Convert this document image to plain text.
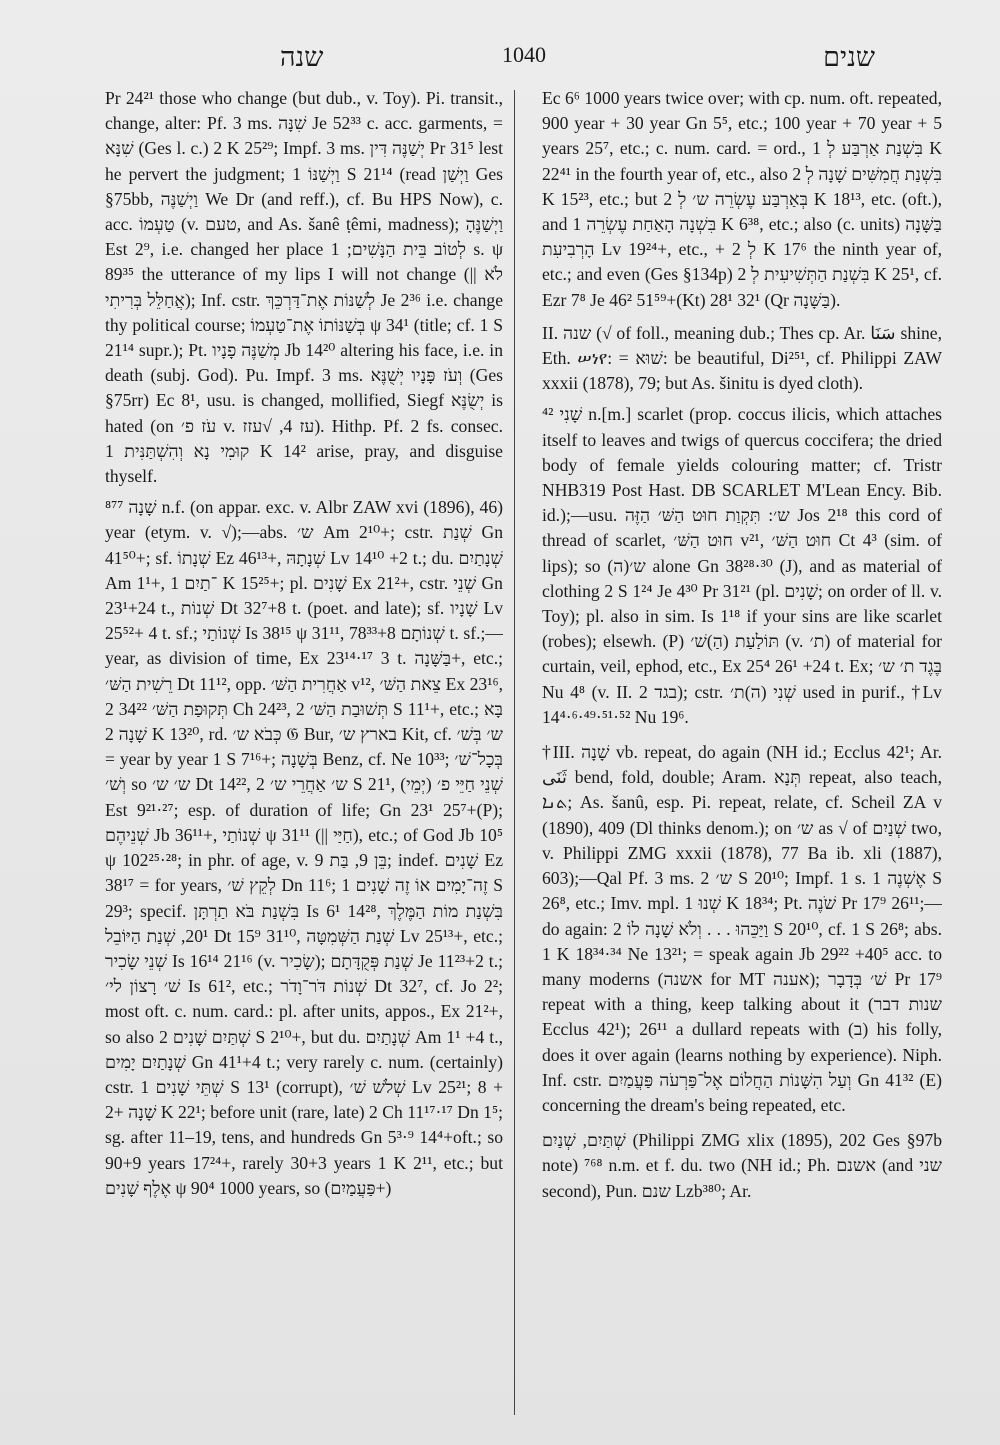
שנה	1040	שנים

Pr 24²¹ those who change (but dub., v. Toy). Pi. transit., change, alter: Pf. 3 ms. שִׁנָּה Je 52³³ c. acc. garments, = שִׁנָּא (Ges l. c.) 2 K 25²⁹; Impf. 3 ms. יְשַׁנֶּה דִּין Pr 31⁵ lest he pervert the judgment; וַיְשַׁנּוֹ 1 S 21¹⁴ (read וַיְשַׁן Ges §75bb, וַיְשַׁנֶּה We Dr (and reff.), cf. Bu HPS Now), c. acc. טַעְמוֹ (v. טעם, and As. šanê ṭêmi, madness); וַיְשַׁנֶּהָ Est 2⁹, i.e. changed her place לְטוֹב בֵּית הַנָּשִׁים; 1 s. ψ 89³⁵ the utterance of my lips I will not change (|| לֹא אֲחַלֵּל בְּרִיתִי); Inf. cstr. לְשַׁנּוֹת אֶת־דַּרְכֵּךְ Je 2³⁶ i.e. change thy political course; בְּשַׁנּוֹתוֹ אֶת־טַעְמוֹ ψ 34¹ (title; cf. 1 S 21¹⁴ supr.); Pt. מְשַׁנֶּה פָנָיו Jb 14²⁰ altering his face, i.e. in death (subj. God). Pu. Impf. 3 ms. וְעֹז פָּנָיו יְשֻׁנֶּא (Ges §75rr) Ec 8¹, usu. is changed, mollified, Siegf יְשֻׂנֶּא is hated (on עֹז פ׳ v. עז 4, √עזז). Hithp. Pf. 2 fs. consec. קוּמִי נָא וְהִשְׁתַּנִּית 1 K 14² arise, pray, and disguise thyself.

שָׁנָה ⁸⁷⁷ n.f. (on appar. exc. v. Albr ZAW xvi (1896), 46) year (etym. v. √);—abs. ש׳ Am 2¹⁰+; cstr. שְׁנַת Gn 41⁵⁰+; sf. שְׁנָתוֹ Ez 46¹³+, שְׁנָתָהּ Lv 14¹⁰ +2 t.; du. שְׁנָתַיִם Am 1¹+, ־תַיִם 1 K 15²⁵+; pl. שָׁנִים Ex 21²+, cstr. שְׁנֵי Gn 23¹+24 t., שְׁנוֹת Dt 32⁷+8 t. (poet. and late); sf. שָׁנָיו Lv 25⁵²+ 4 t. sf.; שְׁנוֹתַי Is 38¹⁵ ψ 31¹¹, שְׁנוֹתָם 78³³+8 t. sf.;—year, as division of time, Ex 23¹⁴·¹⁷ 3 t. בַּשָּׁנָה+, etc.; רֵשִׁית הַשּׁ׳ Dt 11¹², opp. אַחֲרִית הַשּׁ׳ v¹², צֵאת הַשּׁ׳ Ex 23¹⁶, תְּקוּפַת הַשּׁ׳ 34²² 2 Ch 24²³, תְּשׁוּבַת הַשּׁ׳ 2 S 11¹+, etc.; בָּא שָׁנָה 2 K 13²⁰, rd. כְּבֹא ש׳ 𝔊 Bur, בארץ ש׳ Kit, cf. ש׳ בְּשׁ׳ = year by year 1 S 7¹⁶+; בְּשָׁנָה Benz, cf. Ne 10³³; בְּכָל־שׁ׳ וְשׁ׳ so ש׳ ש׳ Dt 14²², ש׳ אַחֲרֵי ש׳ 2 S 21¹, (יְמֵי) שְׁנֵי חַיֵּי פ׳ Est 9²¹·²⁷; esp. of duration of life; Gn 23¹ 25⁷+(P); שְׁנֵיהֶם Jb 36¹¹+, שְׁנוֹתַי ψ 31¹¹ (|| חַיַּי), etc.; of God Jb 10⁵ ψ 102²⁵·²⁸; in phr. of age, v. בֵּן 9, בַּת 9; indef. שָׁנִים Ez 38¹⁷ = for years, לְקֵץ שׁ׳ Dn 11⁶; זֶה־יָמִים אוֹ זֶה שָׁנִים 1 S 29³; specif. בִּשְׁנַת בֹּא תַרְתָּן Is 6¹ 14²⁸, בִּשְׁנַת מוֹת הַמֶּלֶךְ 20¹, שְׁנַת הַיּוֹבֵל Dt 15⁹ 31¹⁰, שְׁנַת הַשְּׁמִטָּה Lv 25¹³+, etc.; שְׁנֵי שָׂכִיר Is 16¹⁴ 21¹⁶ (v. שָׂכִיר); שְׁנַת פְּקֻדָּתָם Je 11²³+2 t.; שׁ׳ רָצוֹן לי׳ Is 61², etc.; שְׁנוֹת דֹּר־וָדֹר Dt 32⁷, cf. Jo 2²; most oft. c. num. card.: pl. after units, appos., Ex 21²+, so also שְׁתַּיִם שָׁנִים 2 S 2¹⁰+, but du. שְׁנָתַיִם Am 1¹ +4 t., שְׁנָתַיִם יָמִים Gn 41¹+4 t.; very rarely c. num. (certainly) cstr. שְׁתֵּי שָׁנִים 1 S 13¹ (corrupt), שְׁלֹשׁ שׁ׳ Lv 25²¹; 8 + שָׁנָה +2 K 22¹; before unit (rare, late) 2 Ch 11¹⁷·¹⁷ Dn 1⁵; sg. after 11–19, tens, and hundreds Gn 5³·⁹ 14⁴+oft.; so 90+9 years 17²⁴+, rarely 30+3 years 1 K 2¹¹, etc.; but אֶלֶף שָׁנִים ψ 90⁴ 1000 years, so (פַּעֲמַיִם+)

Ec 6⁶ 1000 years twice over; with cp. num. oft. repeated, 900 year + 30 year Gn 5⁵, etc.; 100 year + 70 year + 5 years 25⁷, etc.; c. num. card. = ord., בִּשְׁנַת אַרְבַּע לְ 1 K 22⁴¹ in the fourth year of, etc., also בִּשְׁנַת חֲמִשִּׁים שָׁנָה לְ 2 K 15²³, etc.; but בְּאַרְבַּע עֶשְׂרֵה ש׳ לְ 2 K 18¹³, etc. (oft.), and בִּשְׁנָה הָאַחַת עֶשְׂרֵה 1 K 6³⁸, etc.; also (c. units) בַּשָּׁנָה הָרְבִיעִת Lv 19²⁴+, etc., + לְ 2 K 17⁶ the ninth year of, etc.; and even (Ges §134p) בִּשְׁנַת הַתְּשִׁיעִית לְ 2 K 25¹, cf. Ezr 7⁸ Je 46² 51⁵⁹+(Kt) 28¹ 32¹ (Qr בַּשָּׁנָה).

II. שנה (√ of foll., meaning dub.; Thes cp. Ar. سَنَا shine, Eth. ሠነየ: = שׁוּא: be beautiful, Di²⁵¹, cf. Philippi ZAW xxxii (1878), 79; but As. šinitu is dyed cloth).

שָׁנִי ⁴² n.[m.] scarlet (prop. coccus ilicis, which attaches itself to leaves and twigs of quercus coccifera; the dried body of female yields colouring matter; cf. Tristr NHB319 Post Hast. DB SCARLET M'Lean Ency. Bib. id.);—usu. ש׳: תִּקְוַת חוּט הַשּׁ׳ הַזֶּה Jos 2¹⁸ this cord of thread of scarlet, חוּט הַשּׁ׳ v²¹, חוּט הַשּׁ׳ Ct 4³ (sim. of lips); so (ה)ש׳ alone Gn 38²⁸·³⁰ (J), and as material of clothing 2 S 1²⁴ Je 4³⁰ Pr 31²¹ (pl. שָׁנִים; on order of ll. v. Toy); pl. also in sim. Is 1¹⁸ if your sins are like scarlet (robes); elsewh. (P) תּוֹלַעַת (הַ)שׁ׳ (v. ת׳) of material for curtain, veil, ephod, etc., Ex 25⁴ 26¹ +24 t. Ex; בֶּגֶד ת׳ ש׳ Nu 4⁸ (v. II. בגד 2); cstr. שְׁנִי (ה)ת׳ used in purif., †Lv 14⁴·⁶·⁴⁹·⁵¹·⁵² Nu 19⁶.

†III. שָׁנָה vb. repeat, do again (NH id.; Ecclus 42¹; Ar. ثَنَى bend, fold, double; Aram. תְּנָא repeat, also teach, ܬܢܐ; As. šanû, esp. Pi. repeat, relate, cf. Scheil ZA v (1890), 409 (Dl thinks denom.); on ש׳ as √ of שְׁנַיִם two, v. Philippi ZMG xxxii (1878), 77 Ba ib. xli (1887), 603);—Qal Pf. 3 ms. ש׳ 2 S 20¹⁰; Impf. 1 s. אֶשְׁנֶה 1 S 26⁸, etc.; Imv. mpl. שְׁנוּ 1 K 18³⁴; Pt. שֹׁנֶה Pr 17⁹ 26¹¹;—do again: וַיַּכֵּהוּ . . . וְלֹא שָׁנָה לוֹ 2 S 20¹⁰, cf. 1 S 26⁸; abs. 1 K 18³⁴·³⁴ Ne 13²¹; = speak again Jb 29²² +40⁵ acc. to many moderns (אשנה for MT אענה); שׁ׳ בְּדָבָר Pr 17⁹ repeat with a thing, keep talking about it (שנות דבר Ecclus 42¹); 26¹¹ a dullard repeats with (ב) his folly, does it over again (learns nothing by experience). Niph. Inf. cstr. וְעַל הִשָּׁנוֹת הַחֲלוֹם אֶל־פַּרְעֹה פַּעֲמַיִם Gn 41³² (E) concerning the dream's being repeated, etc.

שְׁתַּיִם, שְׁנַיִם (Philippi ZMG xlix (1895), 202 Ges §97b note) ⁷⁶⁸ n.m. et f. du. two (NH id.; Ph. אשנם (and שני second), Pun. שנם Lzb³⁸⁰; Ar.
